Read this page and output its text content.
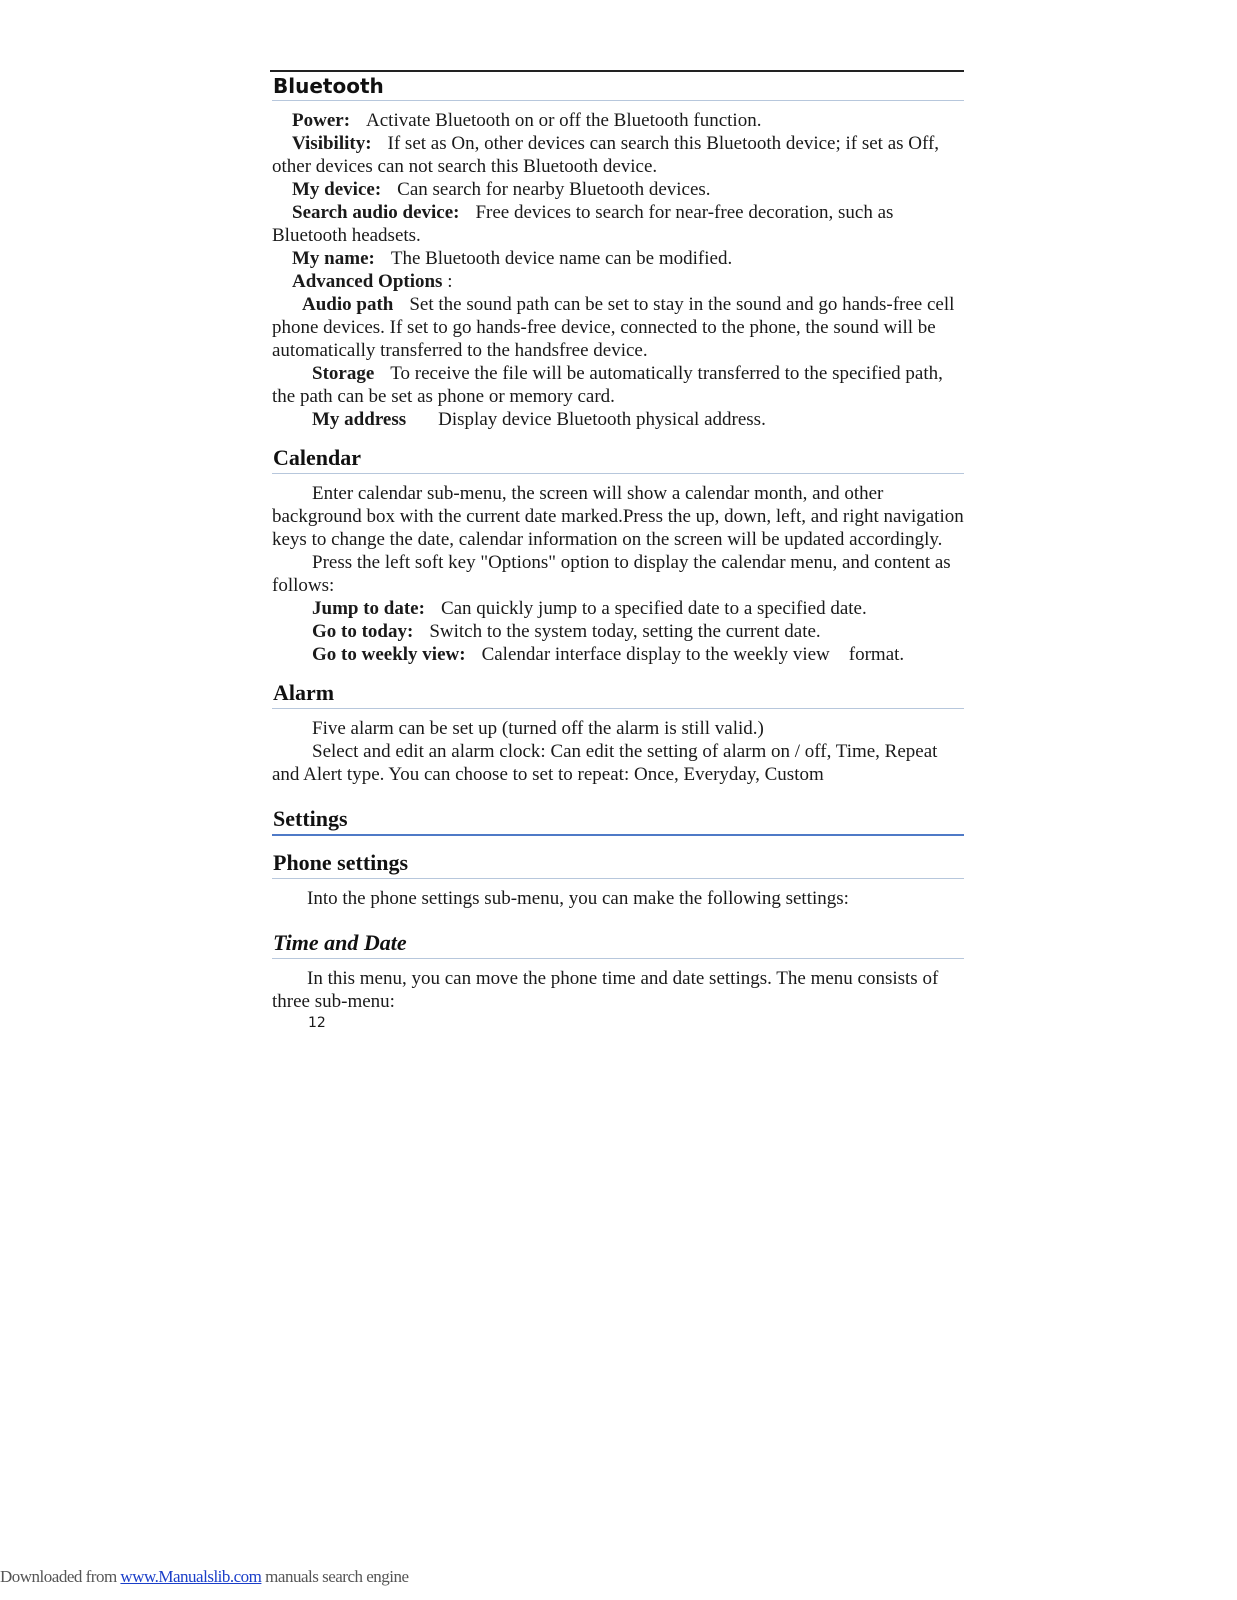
Bluetooth

Power: Activate Bluetooth on or off the Bluetooth function.

Visibility: If set as On, other devices can search this Bluetooth device; if set as Off, other devices can not search this Bluetooth device.

My device: Can search for nearby Bluetooth devices.

Search audio device: Free devices to search for near-free decoration, such as Bluetooth headsets.

My name: The Bluetooth device name can be modified.

Advanced Options :

Audio path Set the sound path can be set to stay in the sound and go hands-free cell phone devices. If set to go hands-free device, connected to the phone, the sound will be automatically transferred to the handsfree device.

Storage To receive the file will be automatically transferred to the specified path, the path can be set as phone or memory card.

My address Display device Bluetooth physical address.

Calendar

Enter calendar sub-menu, the screen will show a calendar month, and other background box with the current date marked.Press the up, down, left, and right navigation keys to change the date, calendar information on the screen will be updated accordingly.

Press the left soft key "Options" option to display the calendar menu, and content as follows:

Jump to date: Can quickly jump to a specified date to a specified date.

Go to today: Switch to the system today, setting the current date.

Go to weekly view: Calendar interface display to the weekly view    format.

Alarm

Five alarm can be set up (turned off the alarm is still valid.)

Select and edit an alarm clock: Can edit the setting of alarm on / off, Time, Repeat and Alert type. You can choose to set to repeat: Once, Everyday, Custom

Settings
Phone settings

Into the phone settings sub-menu, you can make the following settings:

Time and Date

In this menu, you can move the phone time and date settings. The menu consists of three sub-menu:

12
Downloaded from www.Manualslib.com manuals search engine
